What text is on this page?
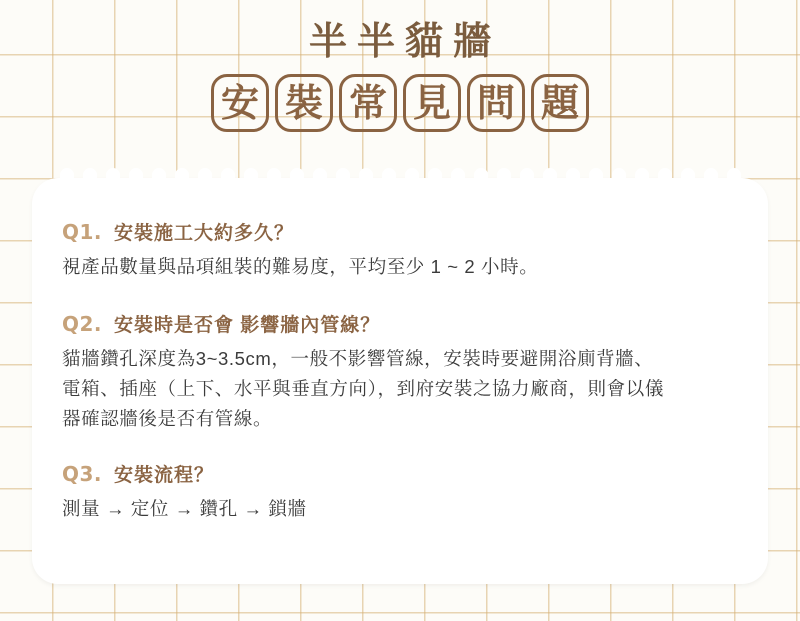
半半貓牆
安 裝 常 見 問 題
Q1. 安裝施工大約多久？
視產品數量與品項組裝的難易度，平均至少 1 ~ 2 小時。
Q2. 安裝時是否會 影響牆內管線？
貓牆鑽孔深度為3~3.5cm，一般不影響管線，安裝時要避開浴廁背牆、電箱、插座（上下、水平與垂直方向），到府安裝之協力廠商，則會以儀器確認牆後是否有管線。
Q3. 安裝流程？
測量 → 定位 → 鑽孔 → 鎖牆
